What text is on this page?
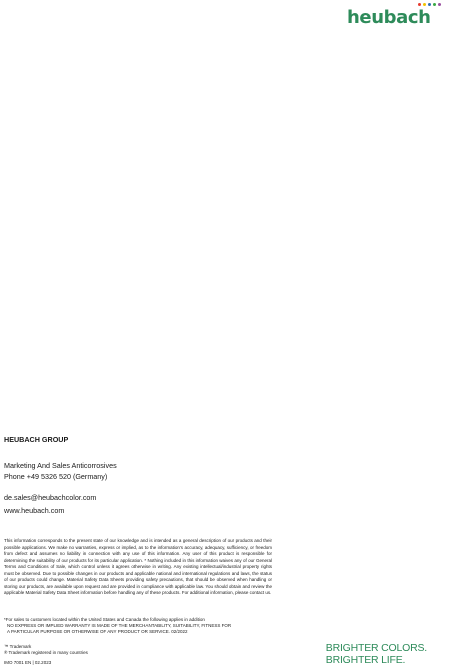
heubach
HEUBACH GROUP
Marketing And Sales Anticorrosives
Phone +49 5326 520 (Germany)
de.sales@heubachcolor.com
www.heubach.com

This information corresponds to the present state of our knowledge and is intended as a general description of our products and their possible applications. We make no warranties, express or implied, as to the information's accuracy, adequacy, sufficiency, or freedom from defect and assumes no liability in connection with any use of this information. Any user of this product is responsible for determining the suitability of our products for its particular application. * Nothing included in this information waives any of our General Terms and Conditions of Sale, which control unless it agrees otherwise in writing. Any existing intellectual/industrial property rights must be observed. Due to possible changes in our products and applicable national and international regulations and laws, the status of our products could change. Material Safety Data Sheets providing safety precautions, that should be observed when handling or storing our products, are available upon request and are provided in compliance with applicable law. You should obtain and review the applicable Material Safety Data Sheet information before handling any of these products. For additional information, please contact us.

*For sales to customers located within the United States and Canada the following applies in addition
NO EXPRESS OR IMPLIED WARRANTY IS MADE OF THE MERCHANTABILITY, SUITABILITY, FITNESS FOR
A PARTICULAR PURPOSE OR OTHERWISE OF ANY PRODUCT OR SERVICE. 02/2022
™ Trademark
® Trademark registered in many countries
IMO 7001 EN | 02.2023
BRIGHTER COLORS.
BRIGHTER LIFE.
